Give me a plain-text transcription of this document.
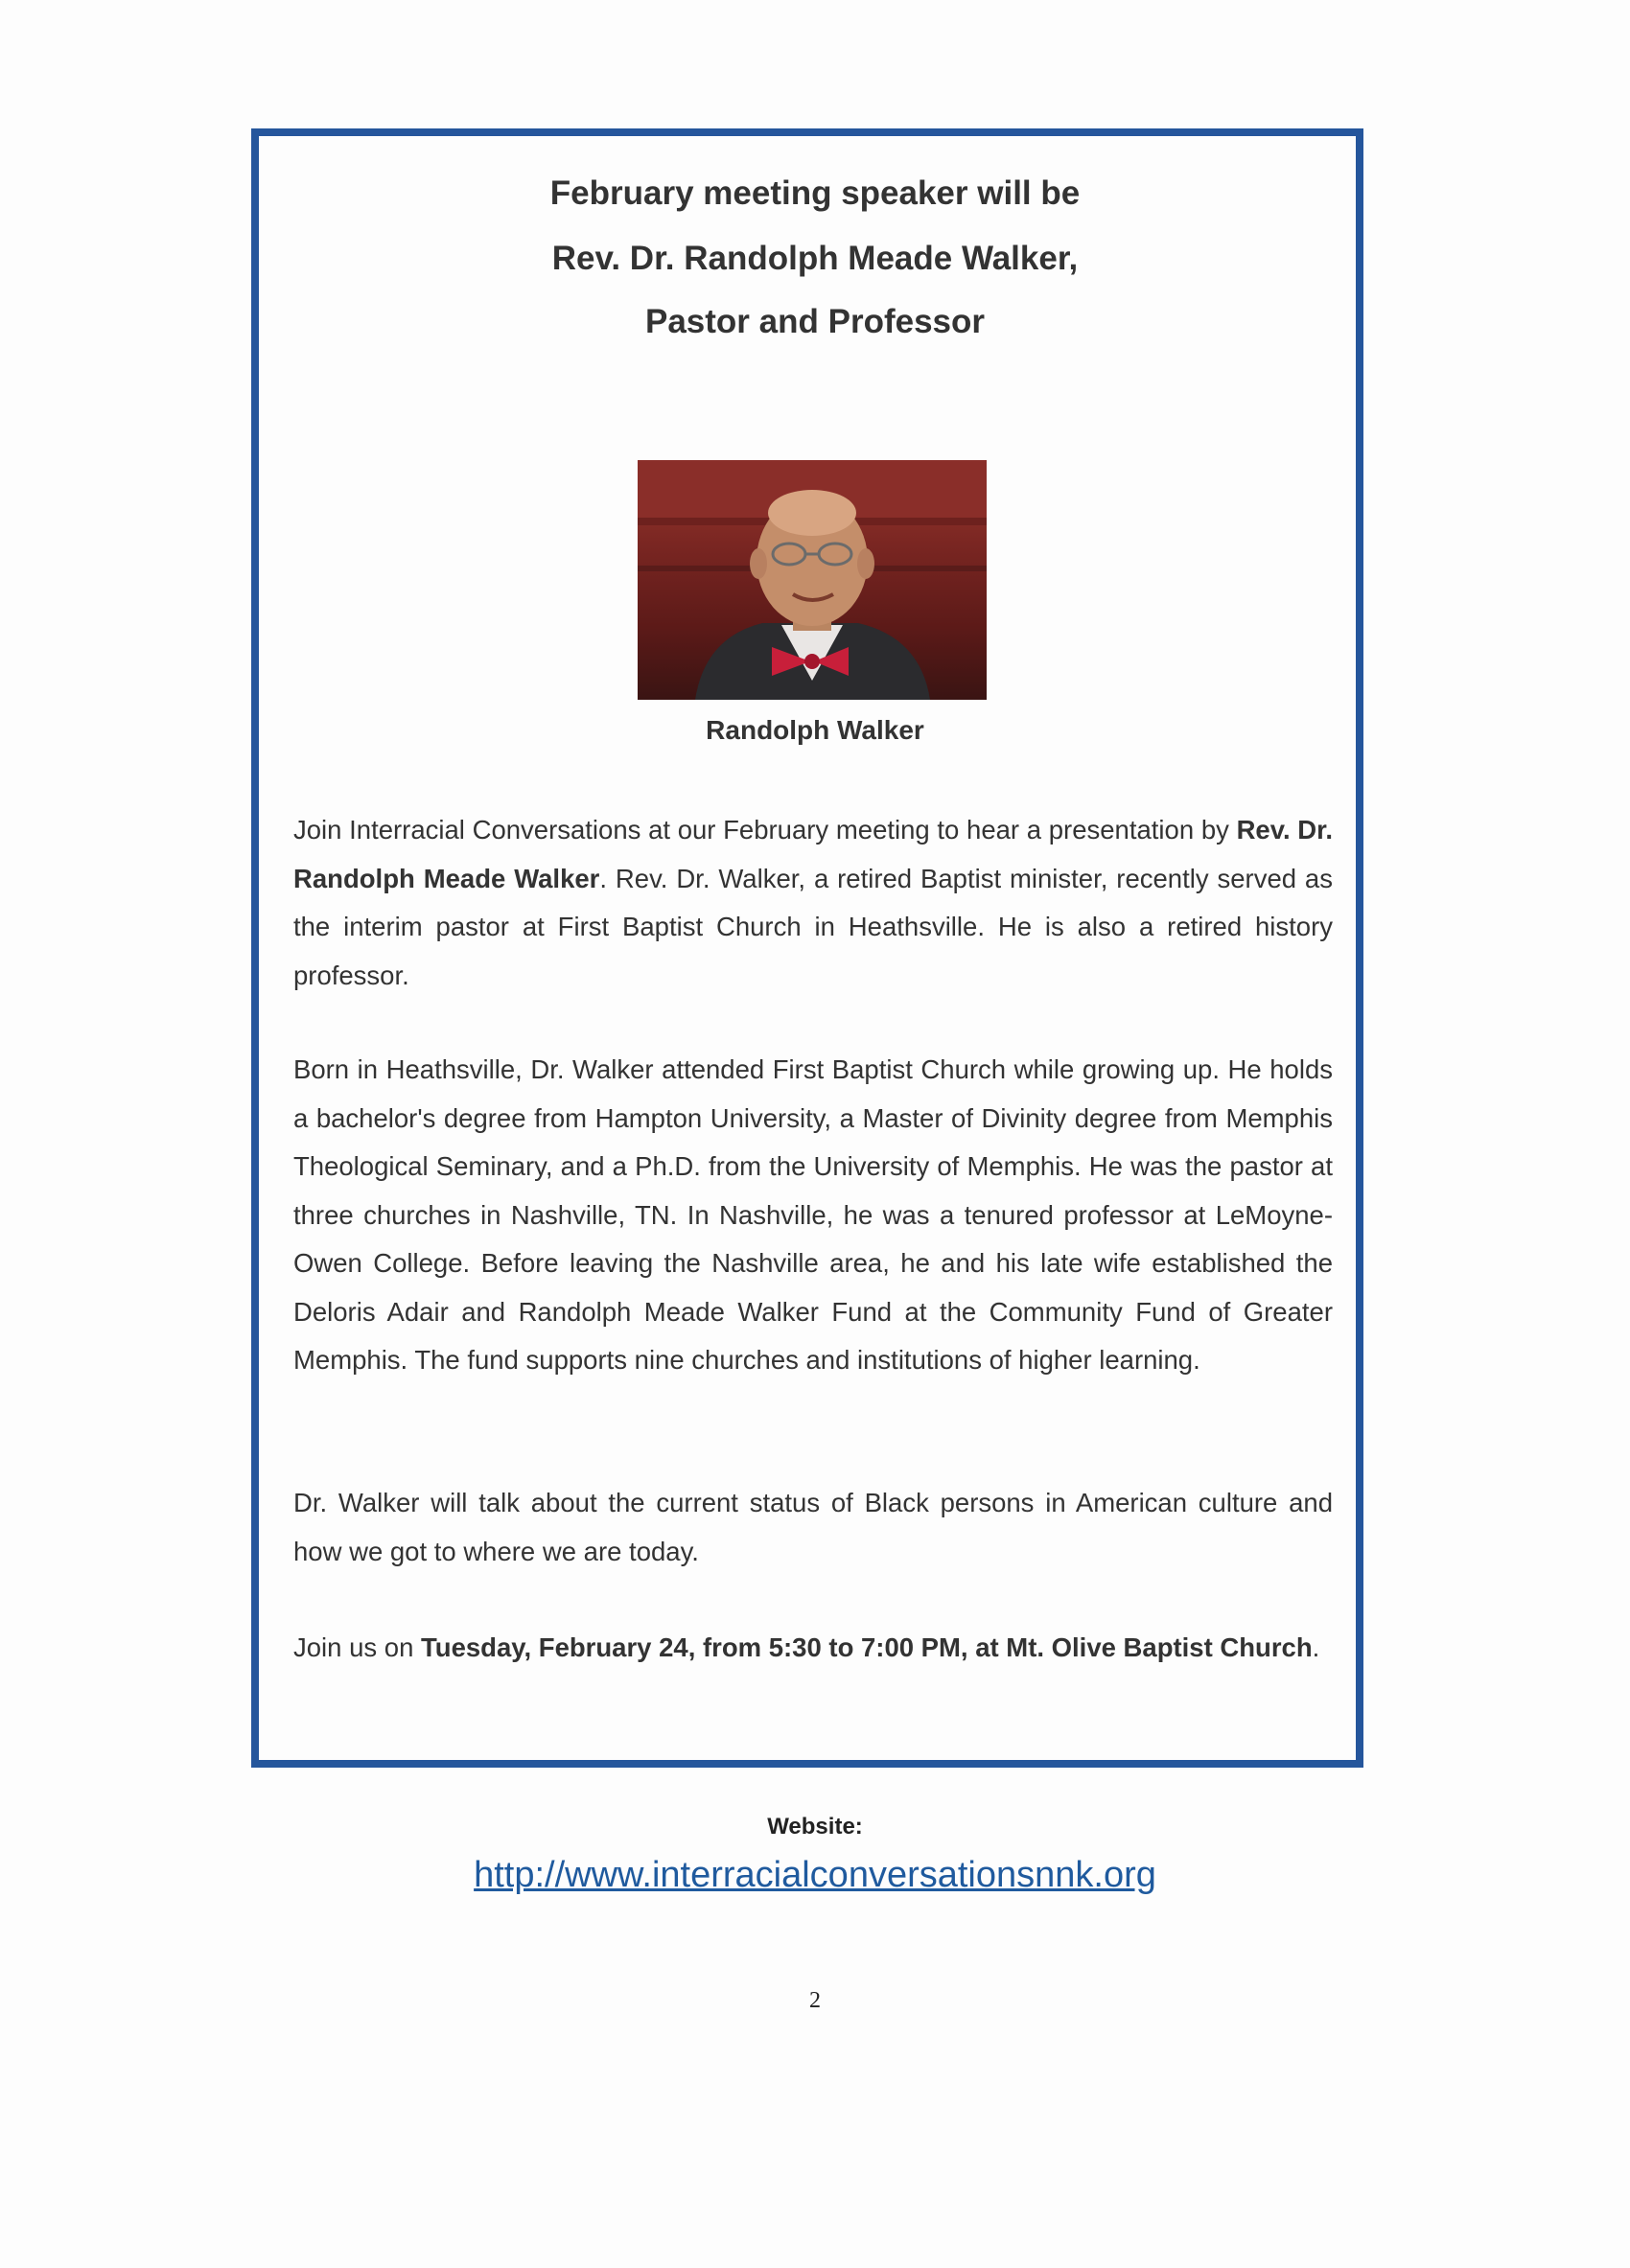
February meeting speaker will be
Rev. Dr. Randolph Meade Walker,
Pastor and Professor
Randolph Walker
Join Interracial Conversations at our February meeting to hear a presentation by Rev. Dr. Randolph Meade Walker. Rev. Dr. Walker, a retired Baptist minister, recently served as the interim pastor at First Baptist Church in Heathsville. He is also a retired history professor.
Born in Heathsville, Dr. Walker attended First Baptist Church while growing up. He holds a bachelor's degree from Hampton University, a Master of Divinity degree from Memphis Theological Seminary, and a Ph.D. from the University of Memphis. He was the pastor at three churches in Nashville, TN. In Nashville, he was a tenured professor at LeMoyne-Owen College. Before leaving the Nashville area, he and his late wife established the Deloris Adair and Randolph Meade Walker Fund at the Community Fund of Greater Memphis. The fund supports nine churches and institutions of higher learning.
Dr. Walker will talk about the current status of Black persons in American culture and how we got to where we are today.
Join us on Tuesday, February 24, from 5:30 to 7:00 PM, at Mt. Olive Baptist Church.
Website:
http://www.interracialconversationsnnk.org
2
